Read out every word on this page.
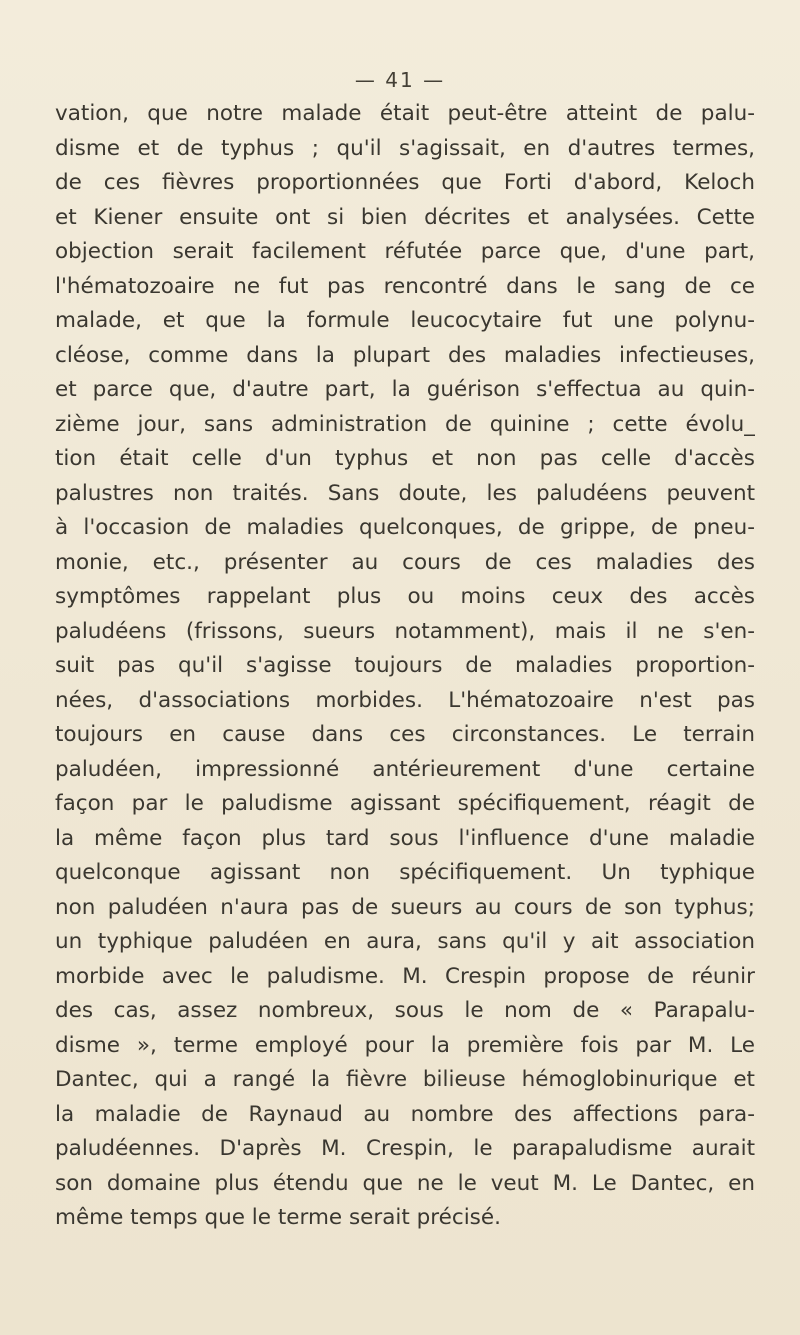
— 41 —
vation, que notre malade était peut-être atteint de palu-
disme et de typhus ; qu'il s'agissait, en d'autres termes,
de ces fièvres proportionnées que Forti d'abord, Keloch
et Kiener ensuite ont si bien décrites et analysées. Cette
objection serait facilement réfutée parce que, d'une part,
l'hématozoaire ne fut pas rencontré dans le sang de ce
malade, et que la formule leucocytaire fut une polynu-
cléose, comme dans la plupart des maladies infectieuses,
et parce que, d'autre part, la guérison s'effectua au quin-
zième jour, sans administration de quinine ; cette évolu_
tion était celle d'un typhus et non pas celle d'accès
palustres non traités. Sans doute, les paludéens peuvent
à l'occasion de maladies quelconques, de grippe, de pneu-
monie, etc., présenter au cours de ces maladies des
symptômes rappelant plus ou moins ceux des accès
paludéens (frissons, sueurs notamment), mais il ne s'en-
suit pas qu'il s'agisse toujours de maladies proportion-
nées, d'associations morbides. L'hématozoaire n'est pas
toujours en cause dans ces circonstances. Le terrain
paludéen, impressionné antérieurement d'une certaine
façon par le paludisme agissant spécifiquement, réagit de
la même façon plus tard sous l'influence d'une maladie
quelconque agissant non spécifiquement. Un typhique
non paludéen n'aura pas de sueurs au cours de son typhus;
un typhique paludéen en aura, sans qu'il y ait association
morbide avec le paludisme. M. Crespin propose de réunir
des cas, assez nombreux, sous le nom de « Parapalu-
disme », terme employé pour la première fois par M. Le
Dantec, qui a rangé la fièvre bilieuse hémoglobinurique et
la maladie de Raynaud au nombre des affections para-
paludéennes. D'après M. Crespin, le parapaludisme aurait
son domaine plus étendu que ne le veut M. Le Dantec, en
même temps que le terme serait précisé.
